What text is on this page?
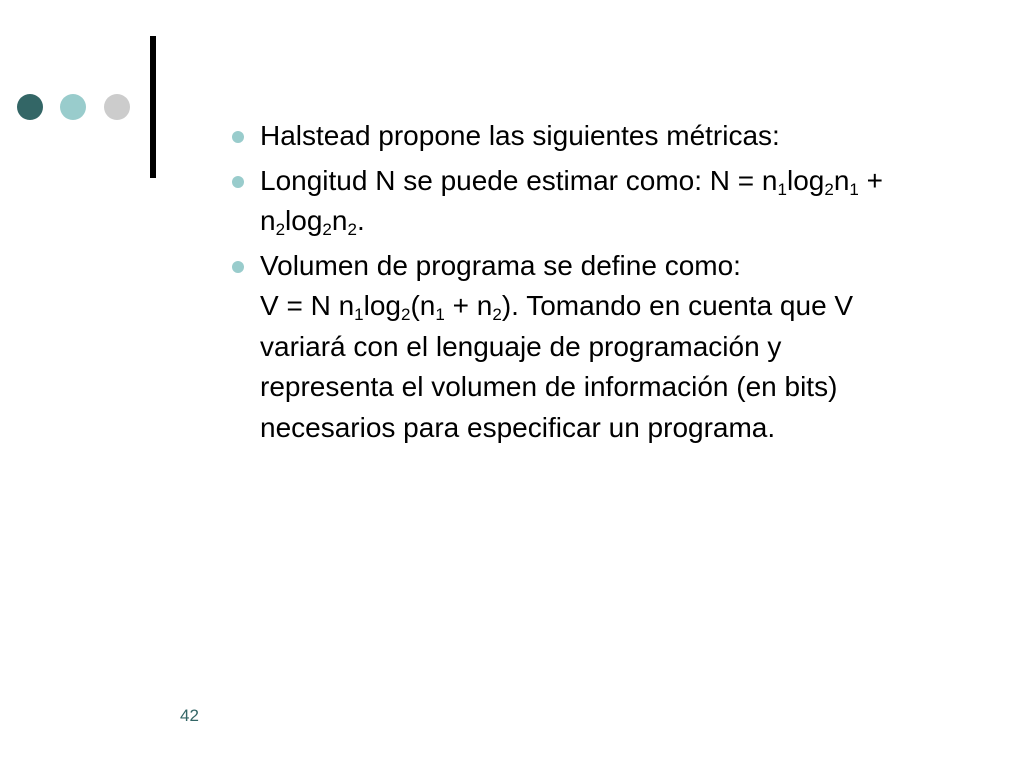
Halstead propone las siguientes métricas:
Longitud N se puede estimar como: $N = n_1\log_2n_1 + n_2\log_2n_2$.
Volumen de programa se define como:
V = N $n_1\log_2(n_1 + n_2)$. Tomando en cuenta que V variará con el lenguaje de programación y representa el volumen de información (en bits) necesarios para especificar un programa.
42
